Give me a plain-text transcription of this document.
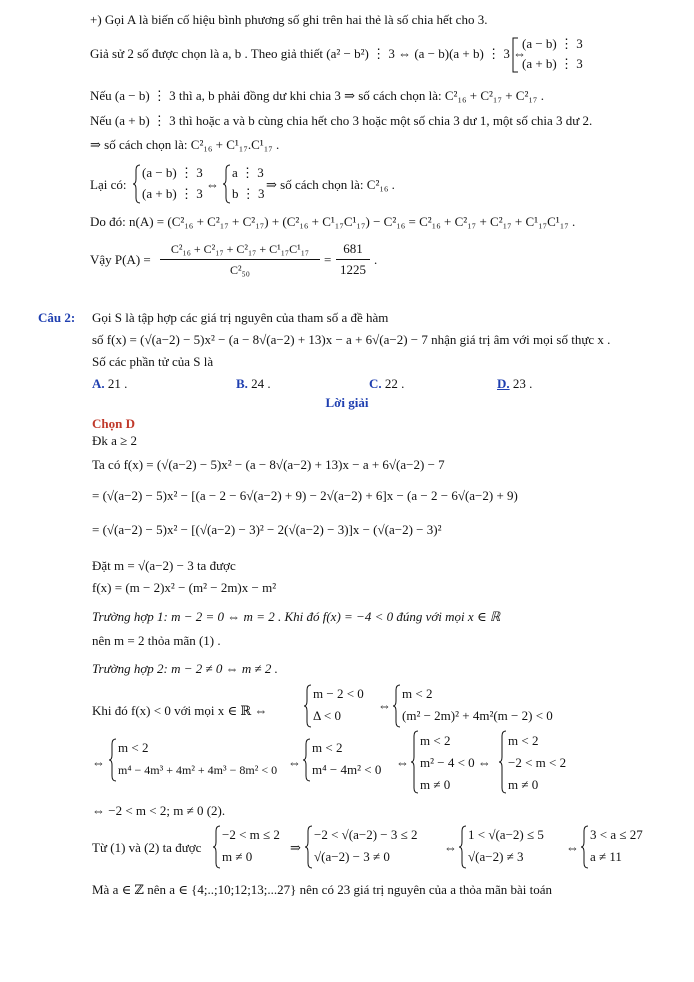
+) Gọi A là biến cố hiệu bình phương số ghi trên hai thẻ là số chia hết cho 3.
Giả sử 2 số được chọn là a, b . Theo giả thiết (a² − b²) ⋮ 3 ⇔ (a − b)(a + b) ⋮ 3 ⇔
(a − b) ⋮ 3
(a + b) ⋮ 3
Nếu (a − b) ⋮ 3 thì a, b phải đồng dư khi chia 3 ⇒ số cách chọn là: C²₁₆ + C²₁₇ + C²₁₇ .
Nếu (a + b) ⋮ 3 thì hoặc a và b cùng chia hết cho 3 hoặc một số chia 3 dư 1, một số chia 3 dư 2.
⇒ số cách chọn là: C²₁₆ + C¹₁₇.C¹₁₇ .
Lại có:
(a − b) ⋮ 3
(a + b) ⋮ 3
⇔
a ⋮ 3
b ⋮ 3
⇒ số cách chọn là: C²₁₆ .
Do đó: n(A) = (C²₁₆ + C²₁₇ + C²₁₇) + (C²₁₆ + C¹₁₇C¹₁₇) − C²₁₆ = C²₁₆ + C²₁₇ + C²₁₇ + C¹₁₇C¹₁₇ .
Vậy P(A) =
C²₁₆ + C²₁₇ + C²₁₇ + C¹₁₇C¹₁₇
C²₅₀
=
681
1225
.
Câu 2: Gọi S là tập hợp các giá trị nguyên của tham số a đề hàm
số f(x) = (√(a−2) − 5)x² − (a − 8√(a−2) + 13)x − a + 6√(a−2) − 7 nhận giá trị âm với mọi số thực x .
Số các phần tử của S là
A. 21 .	B. 24 .	C. 22 .	D. 23 .
Lời giải
Chọn D
Đk a ≥ 2
Ta có f(x) = (√(a−2) − 5)x² − (a − 8√(a−2) + 13)x − a + 6√(a−2) − 7
= (√(a−2) − 5)x² − [(a − 2 − 6√(a−2) + 9) − 2√(a−2) + 6]x − (a − 2 − 6√(a−2) + 9)
= (√(a−2) − 5)x² − [(√(a−2) − 3)² − 2(√(a−2) − 3)]x − (√(a−2) − 3)²
Đặt m = √(a−2) − 3 ta được
f(x) = (m − 2)x² − (m² − 2m)x − m²
Trường hợp 1: m − 2 = 0 ⇔ m = 2 . Khi đó f(x) = −4 < 0 đúng với mọi x ∈ ℝ
nên m = 2 thỏa mãn (1) .
Trường hợp 2: m − 2 ≠ 0 ⇔ m ≠ 2 .
Khi đó f(x) < 0 với mọi x ∈ ℝ ⇔
m − 2 < 0
Δ < 0
⇔
m < 2
(m² − 2m)² + 4m²(m − 2) < 0
⇔
m < 2
m⁴ − 4m³ + 4m² + 4m³ − 8m² < 0 ⇔
m < 2
m⁴ − 4m² < 0 ⇔
m < 2
m² − 4 < 0 ⇔
m ≠ 0
m < 2
−2 < m < 2
m ≠ 0
⇔ −2 < m < 2; m ≠ 0 (2).
Từ (1) và (2) ta được
−2 < m ≤ 2
m ≠ 0
⇒
−2 < √(a−2) − 3 ≤ 2
√(a−2) − 3 ≠ 0
⇔
1 < √(a−2) ≤ 5
√(a−2) ≠ 3
⇔
3 < a ≤ 27
a ≠ 11
Mà a ∈ ℤ nên a ∈ {4;..;10;12;13;...27} nên có 23 giá trị nguyên của a thỏa mãn bài toán
